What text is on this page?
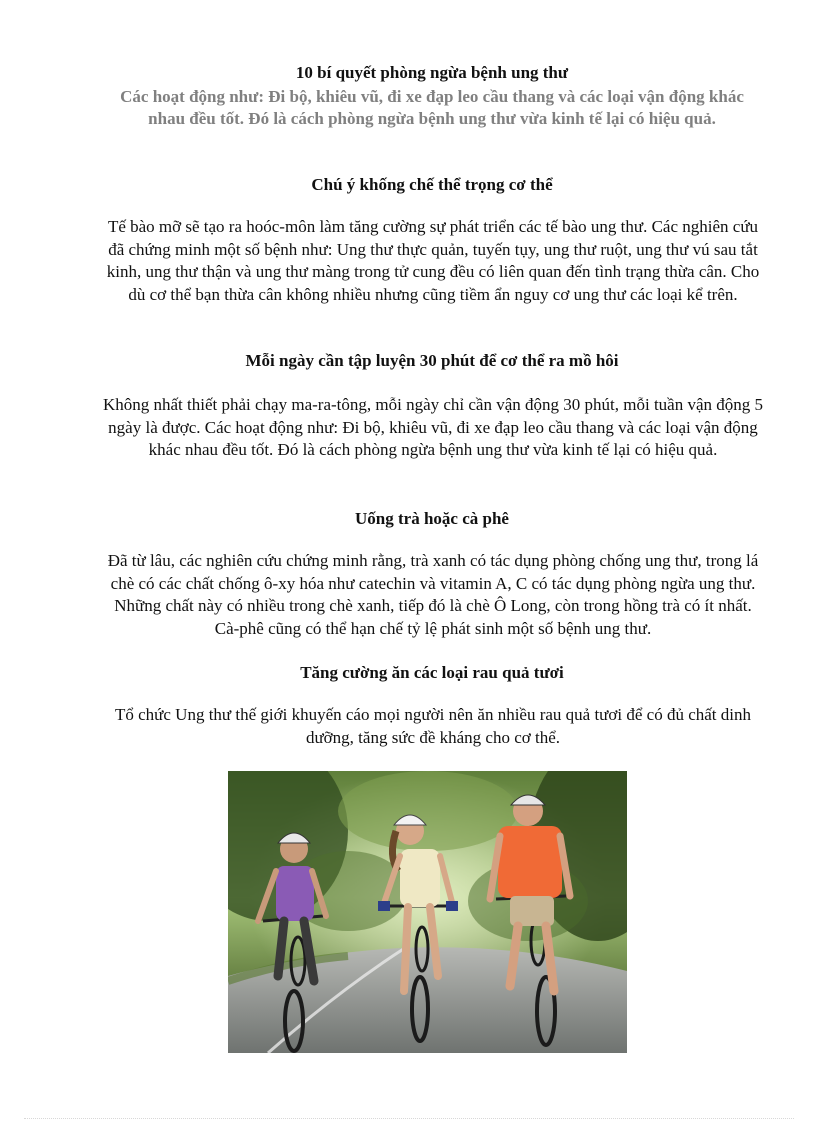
10 bí quyết phòng ngừa bệnh ung thư
Các hoạt động như: Đi bộ, khiêu vũ, đi xe đạp leo cầu thang và các loại vận động khác nhau đều tốt. Đó là cách phòng ngừa bệnh ung thư vừa kinh tế lại có hiệu quả.
Chú ý khống chế thể trọng cơ thể
Tế bào mỡ sẽ tạo ra hoóc-môn làm tăng cường sự phát triển các tế bào ung thư. Các nghiên cứu đã chứng minh một số bệnh như: Ung thư thực quản, tuyến tụy, ung thư ruột, ung thư vú sau tắt kinh, ung thư thận và ung thư màng trong tử cung đều có liên quan đến tình trạng thừa cân. Cho dù cơ thể bạn thừa cân không nhiều nhưng cũng tiềm ẩn nguy cơ ung thư các loại kể trên.
Mỗi ngày cần tập luyện 30 phút để cơ thể ra mồ hôi
Không nhất thiết phải chạy ma-ra-tông, mỗi ngày chỉ cần vận động 30 phút, mỗi tuần vận động 5 ngày là được. Các hoạt động như: Đi bộ, khiêu vũ, đi xe đạp leo cầu thang và các loại vận động khác nhau đều tốt. Đó là cách phòng ngừa bệnh ung thư vừa kinh tế lại có hiệu quả.
Uống trà hoặc cà phê
Đã từ lâu, các nghiên cứu chứng minh rằng, trà xanh có tác dụng phòng chống ung thư, trong lá chè có các chất chống ô-xy hóa như catechin và vitamin A, C có tác dụng phòng ngừa ung thư. Những chất này có nhiều trong chè xanh, tiếp đó là chè Ô Long, còn trong hồng trà có ít nhất. Cà-phê cũng có thể hạn chế tỷ lệ phát sinh một số bệnh ung thư.
Tăng cường ăn các loại rau quả tươi
Tổ chức Ung thư thế giới khuyến cáo mọi người nên ăn nhiều rau quả tươi để có đủ chất dinh dưỡng, tăng sức đề kháng cho cơ thể.
